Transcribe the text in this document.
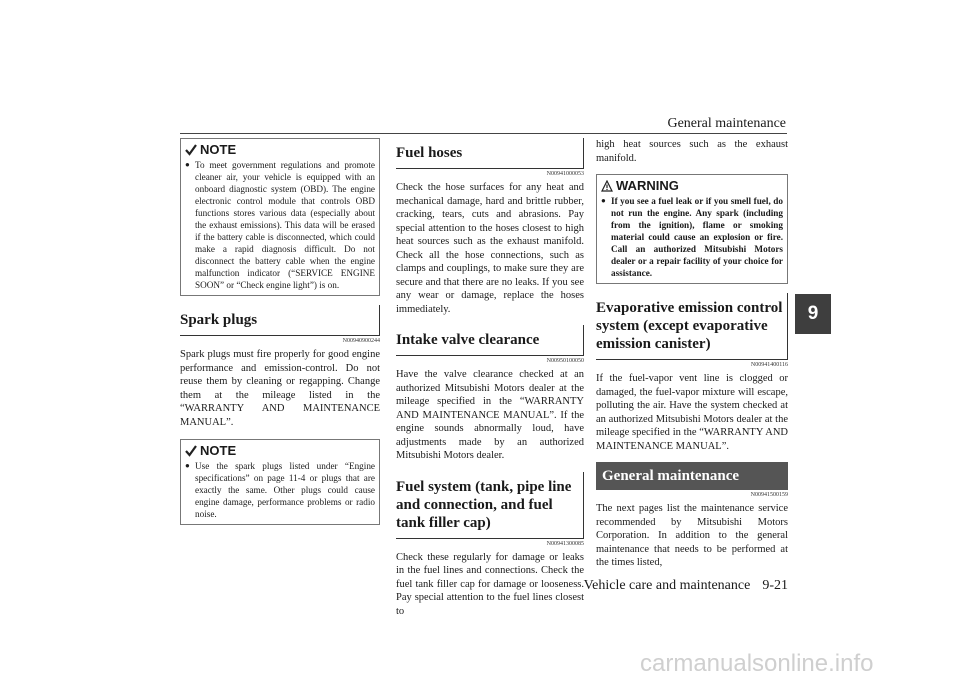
General maintenance
9
NOTE
● To meet government regulations and promote cleaner air, your vehicle is equipped with an onboard diagnostic system (OBD). The engine electronic control module that controls OBD functions stores various data (especially about the exhaust emissions). This data will be erased if the battery cable is disconnected, which could make a rapid diagnosis difficult. Do not disconnect the battery cable when the engine malfunction indicator (“SERVICE ENGINE SOON” or “Check engine light”) is on.
Spark plugs
N00940900244
Spark plugs must fire properly for good engine performance and emission-control. Do not reuse them by cleaning or regapping. Change them at the mileage listed in the “WARRANTY AND MAINTENANCE MANUAL”.
NOTE
● Use the spark plugs listed under “Engine specifications” on page 11-4 or plugs that are exactly the same. Other plugs could cause engine damage, performance problems or radio noise.
Fuel hoses
N00941000053
Check the hose surfaces for any heat and mechanical damage, hard and brittle rubber, cracking, tears, cuts and abrasions. Pay special attention to the hoses closest to high heat sources such as the exhaust manifold. Check all the hose connections, such as clamps and couplings, to make sure they are secure and that there are no leaks. If you see any wear or damage, replace the hoses immediately.
Intake valve clearance
N00950100050
Have the valve clearance checked at an authorized Mitsubishi Motors dealer at the mileage specified in the “WARRANTY AND MAINTENANCE MANUAL”. If the engine sounds abnormally loud, have adjustments made by an authorized Mitsubishi Motors dealer.
Fuel system (tank, pipe line and connection, and fuel tank filler cap)
N00941300085
Check these regularly for damage or leaks in the fuel lines and connections. Check the fuel tank filler cap for damage or looseness. Pay special attention to the fuel lines closest to
high heat sources such as the exhaust manifold.
WARNING
● If you see a fuel leak or if you smell fuel, do not run the engine. Any spark (including from the ignition), flame or smoking material could cause an explosion or fire. Call an authorized Mitsubishi Motors dealer or a repair facility of your choice for assistance.
Evaporative emission control system (except evaporative emission canister)
N00941400116
If the fuel-vapor vent line is clogged or damaged, the fuel-vapor mixture will escape, polluting the air. Have the system checked at an authorized Mitsubishi Motors dealer at the mileage specified in the “WARRANTY AND MAINTENANCE MANUAL”.
General maintenance
N00941500159
The next pages list the maintenance service recommended by Mitsubishi Motors Corporation. In addition to the general maintenance that needs to be performed at the times listed,
Vehicle care and maintenance 9-21
carmanualsonline.info
